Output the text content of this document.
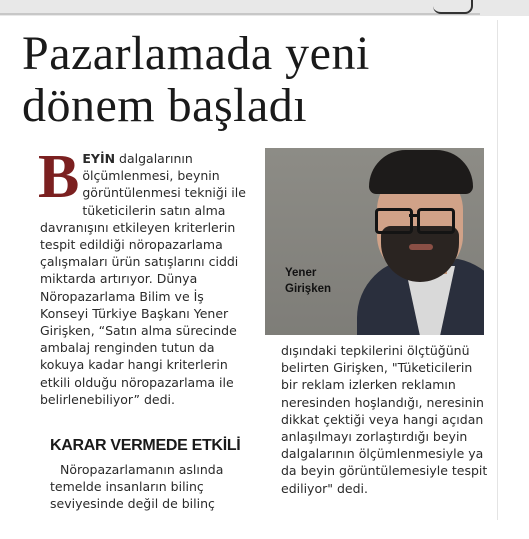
Pazarlamada yeni
dönem başladı

BEYİN dalgalarının ölçümlenmesi, beynin görüntülenmesi tekniği ile tüketicilerin satın alma davranışını etkileyen kriterlerin tespit edildiği nöropazarlama çalışmaları ürün satışlarını ciddi miktarda artırıyor. Dünya Nöropazarlama Bilim ve İş Konseyi Türkiye Başkanı Yener Girişken, “Satın alma sürecinde ambalaj renginden tutun da kokuya kadar hangi kriterlerin etkili olduğu nöropazarlama ile belirlenebiliyor” dedi.

KARAR VERMEDE ETKİLİ

Nöropazarlamanın aslında temelde insanların bilinç seviyesinde değil de bilinç

Yener
Girişken

dışındaki tepkilerini ölçtüğünü belirten Girişken, "Tüketicilerin bir reklam izlerken reklamın neresinden hoşlandığı, neresinin dikkat çektiği veya hangi açıdan anlaşılmayı zorlaştırdığı beyin dalgalarının ölçümlenmesiyle ya da beyin görüntülemesiyle tespit ediliyor" dedi.
